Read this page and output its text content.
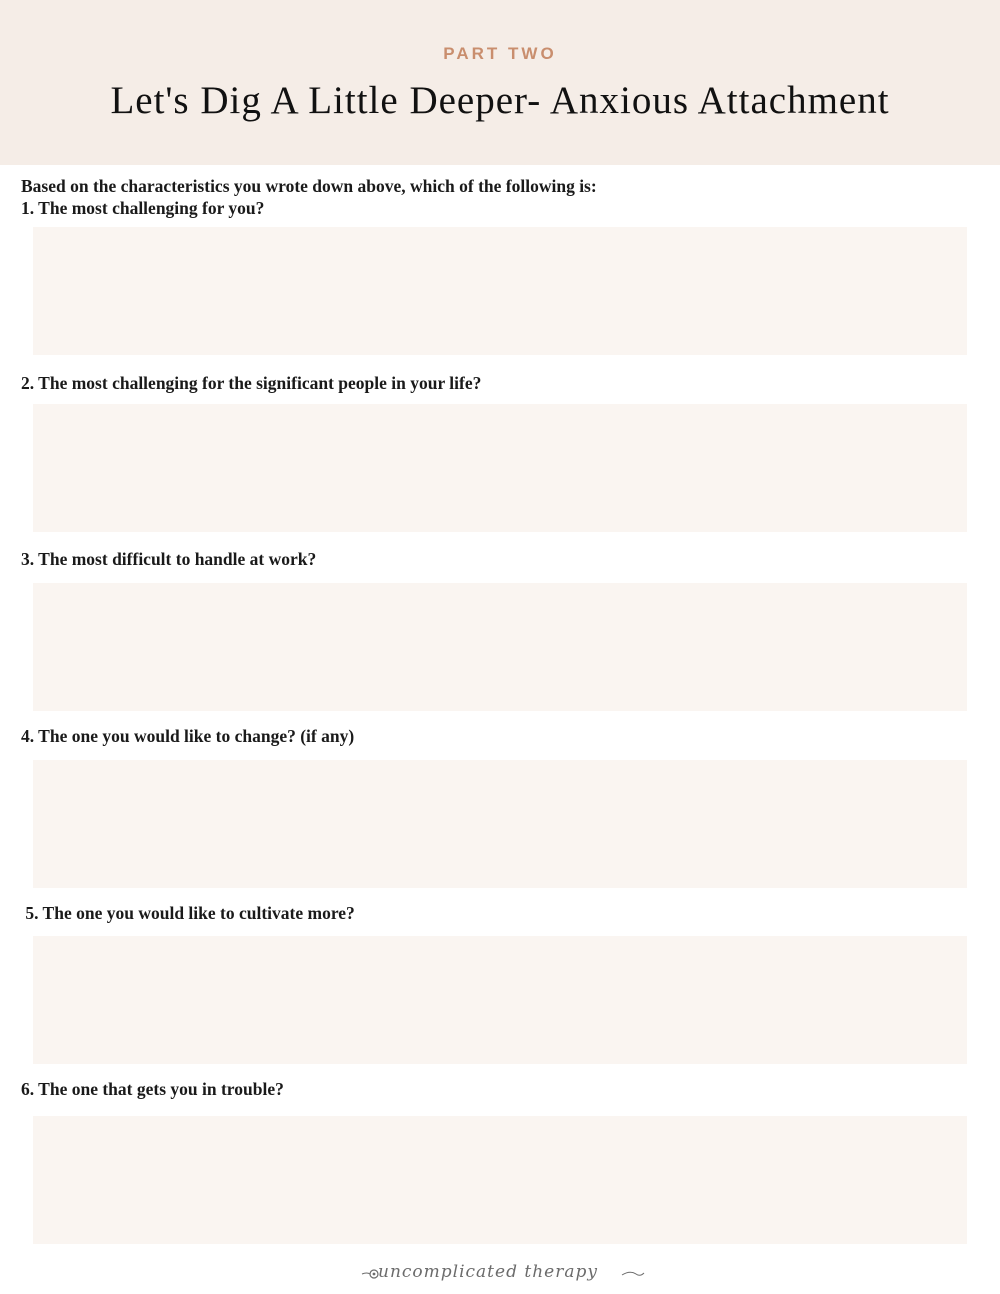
PART TWO
Let's Dig A Little Deeper- Anxious Attachment
Based on the characteristics you wrote down above, which of the following is:
1. The most challenging for you?
2. The most challenging for the significant people in your life?
3. The most difficult to handle at work?
4. The one you would like to change? (if any)
5. The one you would like to cultivate more?
6. The one that gets you in trouble?
uncomplicated therapy
